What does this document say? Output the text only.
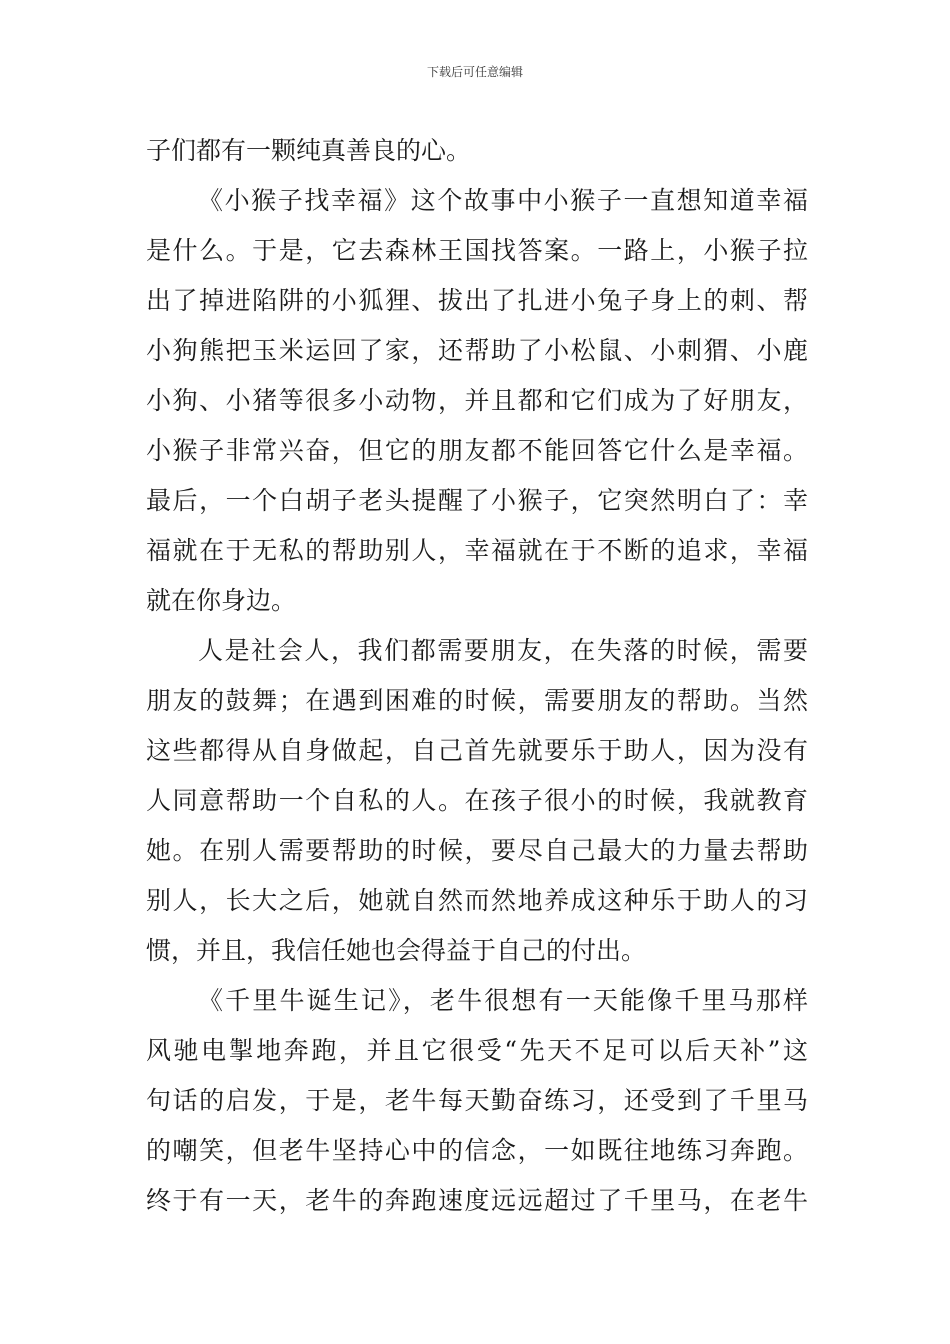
下载后可任意编辑
子们都有一颗纯真善良的心。
《小猴子找幸福》这个故事中小猴子一直想知道幸福
是什么。于是，它去森林王国找答案。一路上，小猴子拉
出了掉进陷阱的小狐狸、拔出了扎进小兔子身上的刺、帮
小狗熊把玉米运回了家，还帮助了小松鼠、小刺猬、小鹿
小狗、小猪等很多小动物，并且都和它们成为了好朋友，
小猴子非常兴奋，但它的朋友都不能回答它什么是幸福。
最后，一个白胡子老头提醒了小猴子，它突然明白了：幸
福就在于无私的帮助别人，幸福就在于不断的追求，幸福
就在你身边。
人是社会人，我们都需要朋友，在失落的时候，需要
朋友的鼓舞；在遇到困难的时候，需要朋友的帮助。当然
这些都得从自身做起，自己首先就要乐于助人，因为没有
人同意帮助一个自私的人。在孩子很小的时候，我就教育
她。在别人需要帮助的时候，要尽自己最大的力量去帮助
别人，长大之后，她就自然而然地养成这种乐于助人的习
惯，并且，我信任她也会得益于自己的付出。
《千里牛诞生记》，老牛很想有一天能像千里马那样
风驰电掣地奔跑，并且它很受“先天不足可以后天补”这
句话的启发，于是，老牛每天勤奋练习，还受到了千里马
的嘲笑，但老牛坚持心中的信念，一如既往地练习奔跑。
终于有一天，老牛的奔跑速度远远超过了千里马，在老牛
